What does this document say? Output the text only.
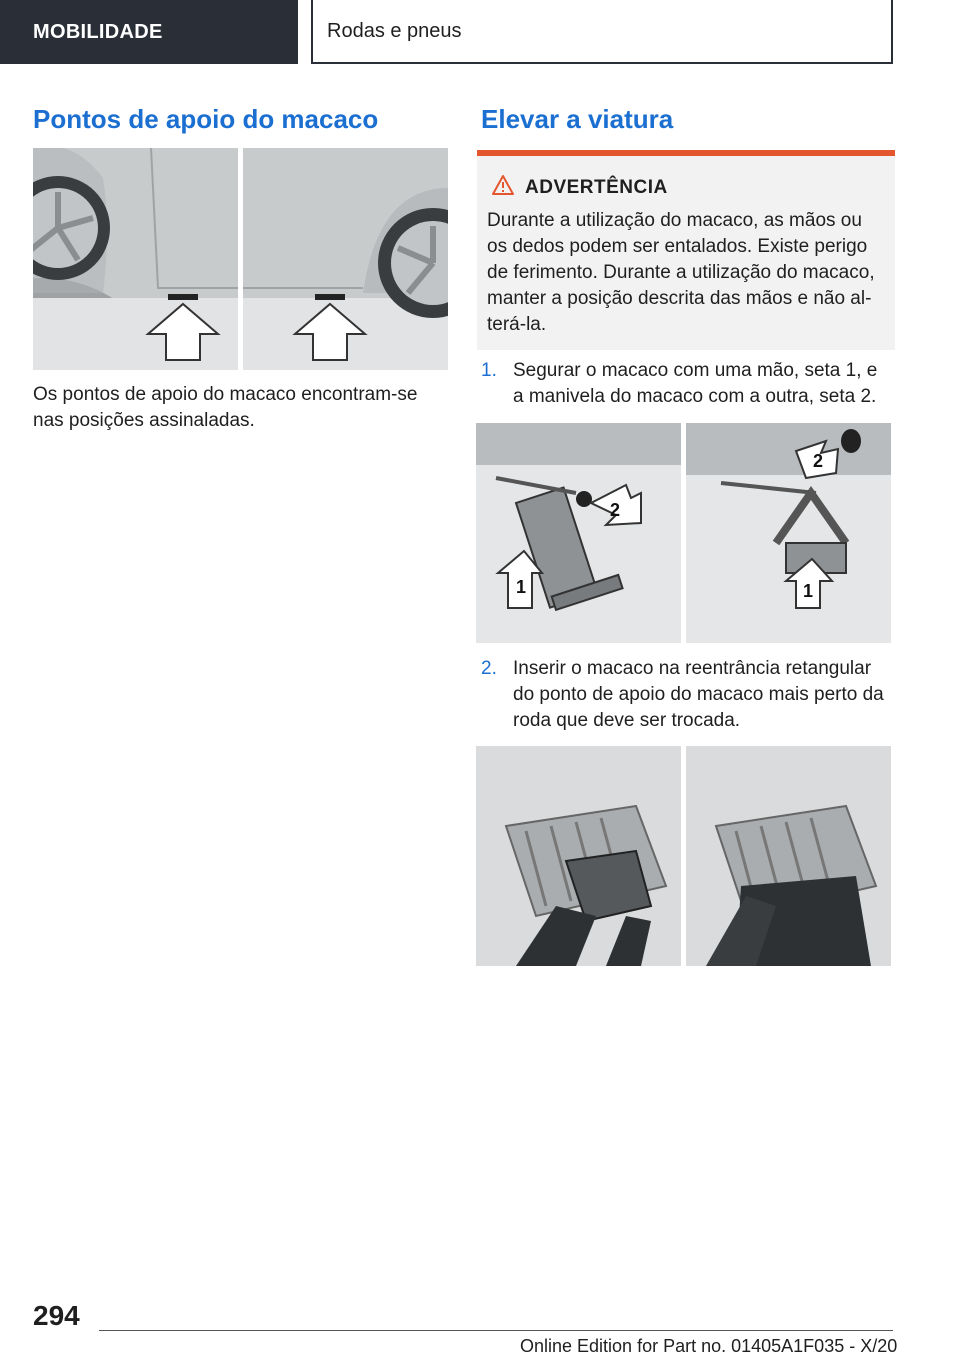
MOBILIDADE	Rodas e pneus
Pontos de apoio do macaco

Os pontos de apoio do macaco encontram-se nas posições assinaladas.

Elevar a viatura
ADVERTÊNCIA

Durante a utilização do macaco, as mãos ou os dedos podem ser entalados. Existe perigo de ferimento. Durante a utilização do macaco, manter a posição descrita das mãos e não al-terá-la.

1. Segurar o macaco com uma mão, seta 1, e a manivela do macaco com a outra, seta 2.
2
1
2
1
2. Inserir o macaco na reentrância retangular do ponto de apoio do macaco mais perto da roda que deve ser trocada.
294
Online Edition for Part no. 01405A1F035 - X/20
